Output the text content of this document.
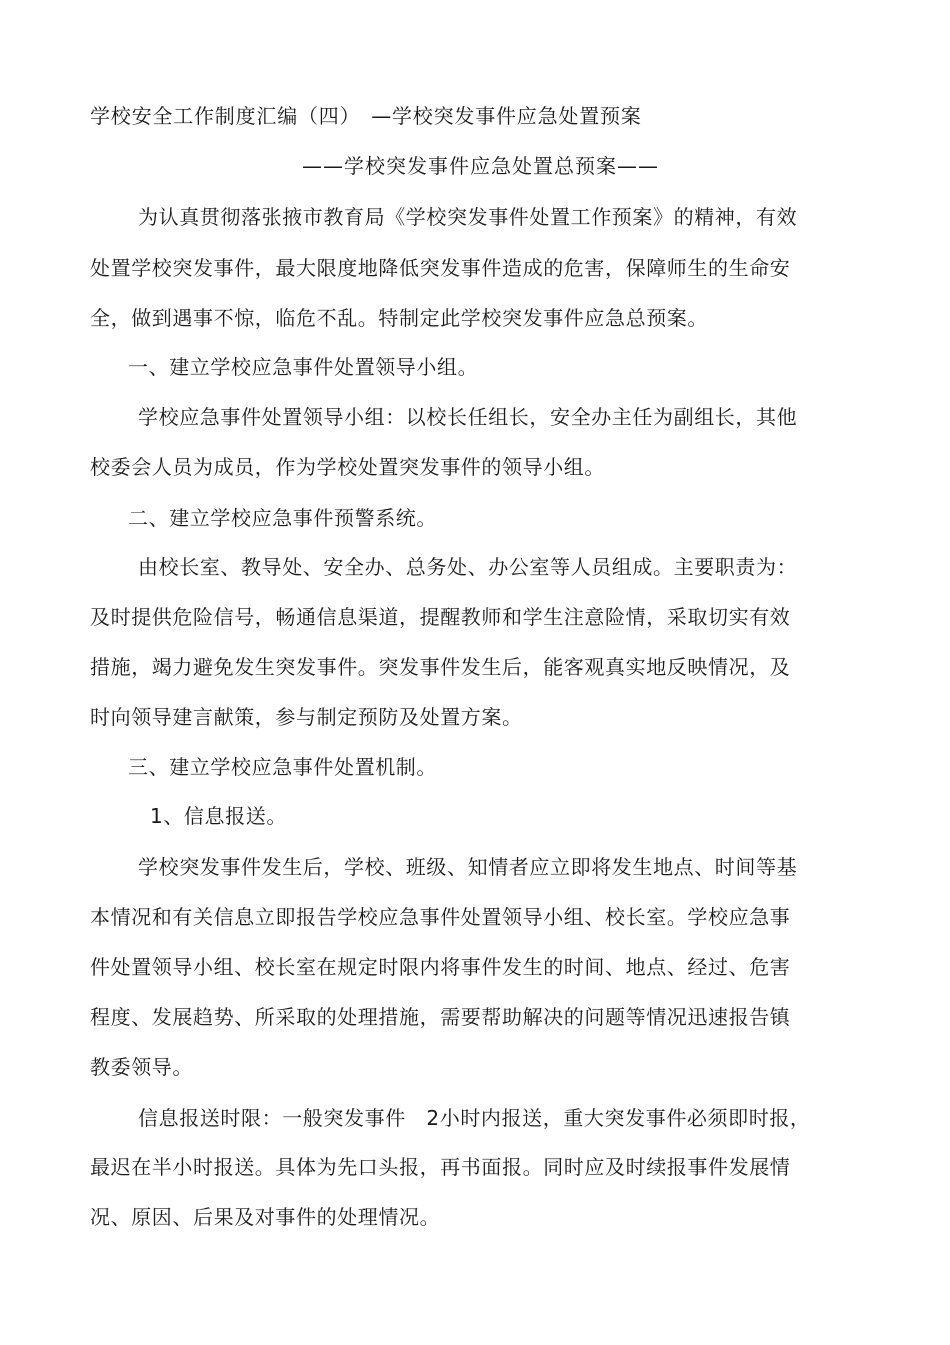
学校安全工作制度汇编（四）　—学校突发事件应急处置预案
——学校突发事件应急处置总预案——
为认真贯彻落张掖市教育局《学校突发事件处置工作预案》的精神，有效
处置学校突发事件，最大限度地降低突发事件造成的危害，保障师生的生命安
全，做到遇事不惊，临危不乱。特制定此学校突发事件应急总预案。
一、建立学校应急事件处置领导小组。
学校应急事件处置领导小组：以校长任组长，安全办主任为副组长，其他
校委会人员为成员，作为学校处置突发事件的领导小组。
二、建立学校应急事件预警系统。
由校长室、教导处、安全办、总务处、办公室等人员组成。主要职责为：
及时提供危险信号，畅通信息渠道，提醒教师和学生注意险情，采取切实有效
措施，竭力避免发生突发事件。突发事件发生后，能客观真实地反映情况，及
时向领导建言献策，参与制定预防及处置方案。
三、建立学校应急事件处置机制。
1、信息报送。
学校突发事件发生后，学校、班级、知情者应立即将发生地点、时间等基
本情况和有关信息立即报告学校应急事件处置领导小组、校长室。学校应急事
件处置领导小组、校长室在规定时限内将事件发生的时间、地点、经过、危害
程度、发展趋势、所采取的处理措施，需要帮助解决的问题等情况迅速报告镇
教委领导。
信息报送时限：一般突发事件　2小时内报送，重大突发事件必须即时报，
最迟在半小时报送。具体为先口头报，再书面报。同时应及时续报事件发展情
况、原因、后果及对事件的处理情况。
